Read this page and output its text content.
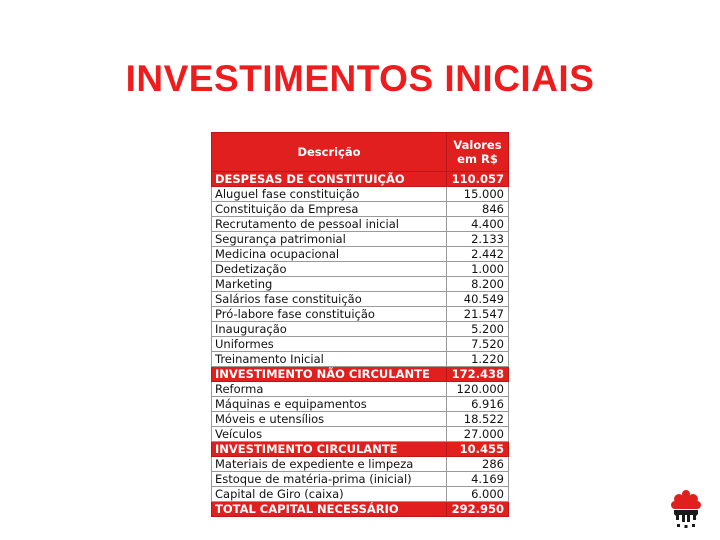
INVESTIMENTOS INICIAIS
Descrição	Valores
em R$
DESPESAS DE CONSTITUIÇÃO	110.057
Aluguel fase constituição	15.000
Constituição da Empresa	846
Recrutamento de pessoal inicial	4.400
Segurança patrimonial	2.133
Medicina ocupacional	2.442
Dedetização	1.000
Marketing	8.200
Salários fase constituição	40.549
Pró-labore fase constituição	21.547
Inauguração	5.200
Uniformes	7.520
Treinamento Inicial	1.220
INVESTIMENTO NÃO CIRCULANTE	172.438
Reforma	120.000
Máquinas e equipamentos	6.916
Móveis e utensílios	18.522
Veículos	27.000
INVESTIMENTO CIRCULANTE	10.455
Materiais de expediente e limpeza	286
Estoque de matéria-prima (inicial)	4.169
Capital de Giro (caixa)	6.000
TOTAL CAPITAL NECESSÁRIO	292.950
